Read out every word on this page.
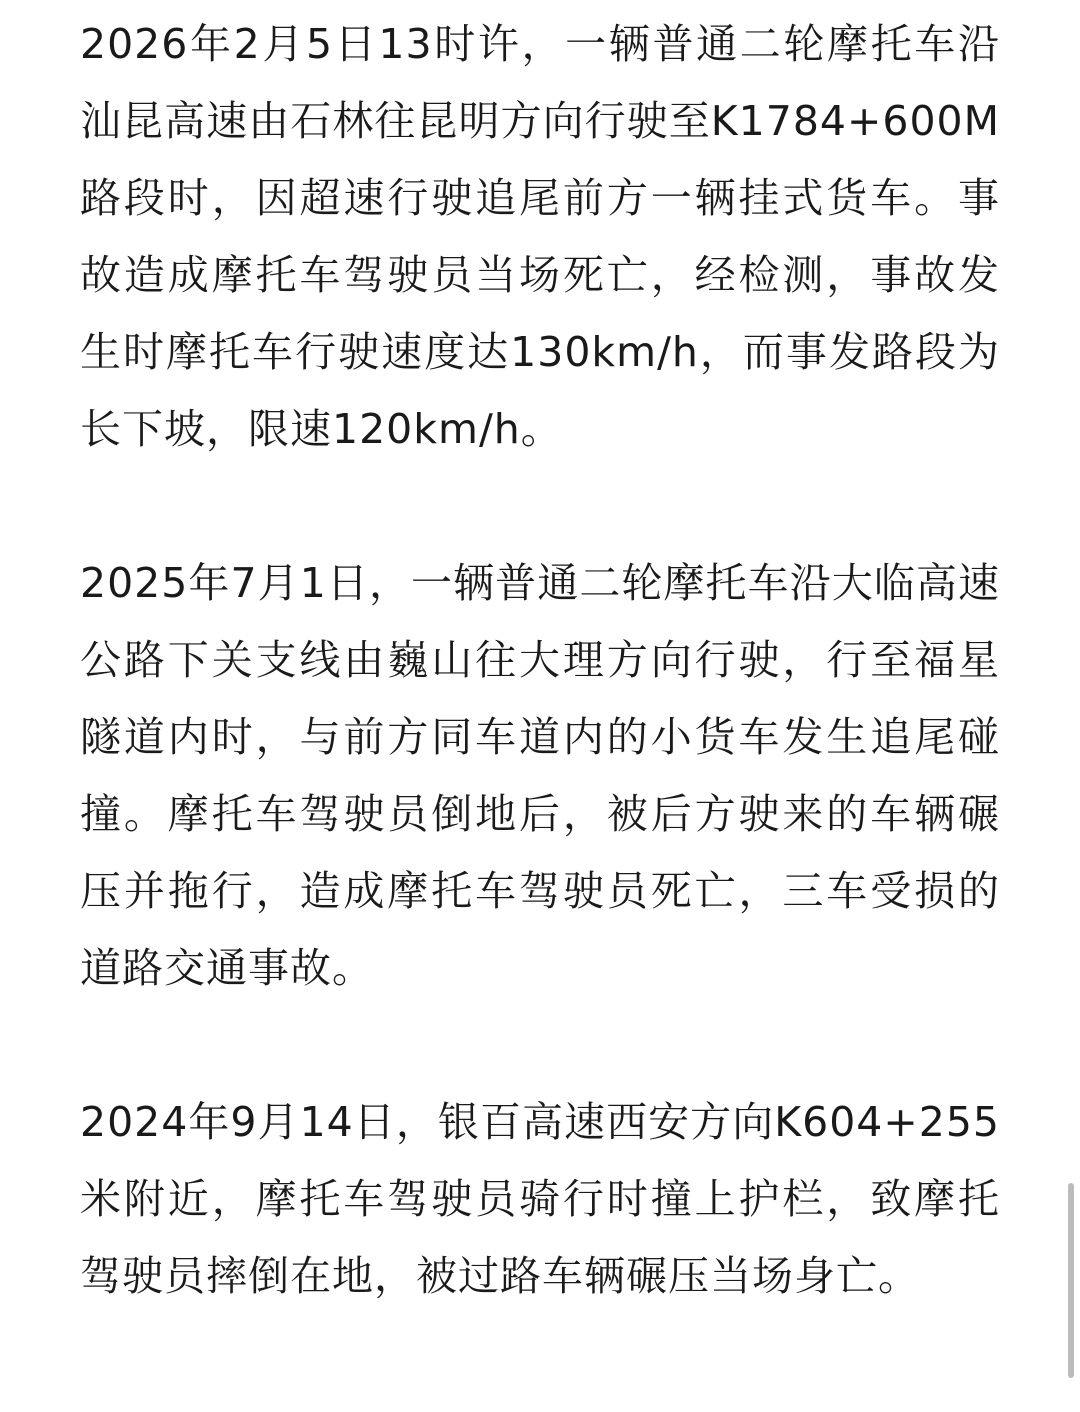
2026年2月5日13时许，一辆普通二轮摩托车沿汕昆高速由石林往昆明方向行驶至K1784+600M路段时，因超速行驶追尾前方一辆挂式货车。事故造成摩托车驾驶员当场死亡，经检测，事故发生时摩托车行驶速度达130km/h，而事发路段为长下坡，限速120km/h。

2025年7月1日，一辆普通二轮摩托车沿大临高速公路下关支线由巍山往大理方向行驶，行至福星隧道内时，与前方同车道内的小货车发生追尾碰撞。摩托车驾驶员倒地后，被后方驶来的车辆碾压并拖行，造成摩托车驾驶员死亡，三车受损的道路交通事故。

2024年9月14日，银百高速西安方向K604+255米附近，摩托车驾驶员骑行时撞上护栏，致摩托驾驶员摔倒在地，被过路车辆碾压当场身亡。
